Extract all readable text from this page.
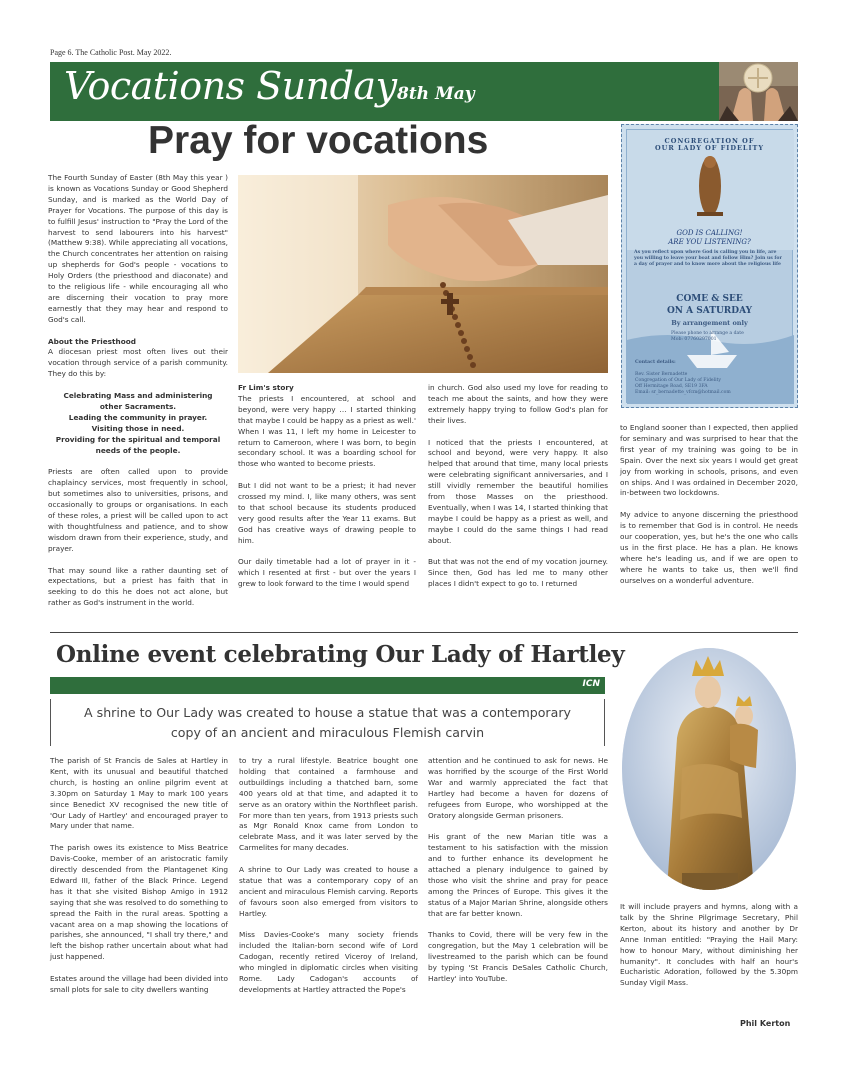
Page 6. The Catholic Post. May 2022.
Vocations Sunday 8th May
Pray for vocations

The Fourth Sunday of Easter (8th May this year ) is known as Vocations Sunday or Good Shepherd Sunday, and is marked as the World Day of Prayer for Vocations. The purpose of this day is to fulfill Jesus' instruction to "Pray the Lord of the harvest to send labourers into his harvest" (Matthew 9:38). While appreciating all vocations, the Church concentrates her attention on raising up shepherds for God's people - vocations to Holy Orders (the priesthood and diaconate) and to the religious life - while encouraging all who are discerning their vocation to pray more earnestly that they may hear and respond to God's call.

About the Priesthood

A diocesan priest most often lives out their vocation through service of a parish community. They do this by:

Celebrating Mass and administering other Sacraments.
Leading the community in prayer.
Visiting those in need.
Providing for the spiritual and temporal needs of the people.

Priests are often called upon to provide chaplaincy services, most frequently in school, but sometimes also to universities, prisons, and occasionally to groups or organisations. In each of these roles, a priest will be called upon to act with thoughtfulness and patience, and to show wisdom drawn from their experience, study, and prayer.

That may sound like a rather daunting set of expectations, but a priest has faith that in seeking to do this he does not act alone, but rather as God's instrument in the world.

Fr Lim's story

The priests I encountered, at school and beyond, were very happy … I started thinking that maybe I could be happy as a priest as well.' When I was 11, I left my home in Leicester to return to Cameroon, where I was born, to begin secondary school. It was a boarding school for those who wanted to become priests.

But I did not want to be a priest; it had never crossed my mind. I, like many others, was sent to that school because its students produced very good results after the Year 11 exams. But God has creative ways of drawing people to him.

Our daily timetable had a lot of prayer in it - which I resented at first - but over the years I grew to look forward to the time I would spend

in church. God also used my love for reading to teach me about the saints, and how they were extremely happy trying to follow God's plan for their lives.

I noticed that the priests I encountered, at school and beyond, were very happy. It also helped that around that time, many local priests were celebrating significant anniversaries, and I still vividly remember the beautiful homilies from those Masses on the priesthood. Eventually, when I was 14, I started thinking that maybe I could be happy as a priest as well, and maybe I could do the same things I had read about.

But that was not the end of my vocation journey. Since then, God has led me to many other places I didn't expect to go to. I returned

CONGREGATION OF
OUR LADY OF FIDELITY
GOD IS CALLING!
ARE YOU LISTENING?
As you reflect upon where God is calling you in life, are you willing to leave your boat and follow Him? Join us for a day of prayer and to know more about the religious life
COME & SEE
ON A SATURDAY
By arrangement only
Please phone to arrange a date
Mob: 07760297001
Contact details:
Rev. Sister Bernadette
Congregation of Our Lady of Fidelity
Off Hermitage Road, SE19 3FA
Email: sr_bernadette_vfcm@hotmail.com

to England sooner than I expected, then applied for seminary and was surprised to hear that the first year of my training was going to be in Spain. Over the next six years I would get great joy from working in schools, prisons, and even on ships. And I was ordained in December 2020, in-between two lockdowns.

My advice to anyone discerning the priesthood is to remember that God is in control. He needs our cooperation, yes, but he's the one who calls us in the first place. He has a plan. He knows where he's leading us, and if we are open to where he wants to take us, then we'll find ourselves on a wonderful adventure.

Online event celebrating Our Lady of Hartley
ICN
A shrine to Our Lady was created to house a statue that was a contemporary copy of an ancient and miraculous Flemish carvin

The parish of St Francis de Sales at Hartley in Kent, with its unusual and beautiful thatched church, is hosting an online pilgrim event at 3.30pm on Saturday 1 May to mark 100 years since Benedict XV recognised the new title of 'Our Lady of Hartley' and encouraged prayer to Mary under that name.

The parish owes its existence to Miss Beatrice Davis-Cooke, member of an aristocratic family directly descended from the Plantagenet King Edward III, father of the Black Prince. Legend has it that she visited Bishop Amigo in 1912 saying that she was resolved to do something to spread the Faith in the rural areas. Spotting a vacant area on a map showing the locations of parishes, she announced, "I shall try there," and left the bishop rather uncertain about what had just happened.

Estates around the village had been divided into small plots for sale to city dwellers wanting

to try a rural lifestyle. Beatrice bought one holding that contained a farmhouse and outbuildings including a thatched barn, some 400 years old at that time, and adapted it to serve as an oratory within the Northfleet parish. For more than ten years, from 1913 priests such as Mgr Ronald Knox came from London to celebrate Mass, and it was later served by the Carmelites for many decades.

A shrine to Our Lady was created to house a statue that was a contemporary copy of an ancient and miraculous Flemish carving. Reports of favours soon also emerged from visitors to Hartley.

Miss Davies-Cooke's many society friends included the Italian-born second wife of Lord Cadogan, recently retired Viceroy of Ireland, who mingled in diplomatic circles when visiting Rome. Lady Cadogan's accounts of developments at Hartley attracted the Pope's

attention and he continued to ask for news. He was horrified by the scourge of the First World War and warmly appreciated the fact that Hartley had become a haven for dozens of refugees from Europe, who worshipped at the Oratory alongside German prisoners.

His grant of the new Marian title was a testament to his satisfaction with the mission and to further enhance its development he attached a plenary indulgence to gained by those who visit the shrine and pray for peace among the Princes of Europe. This gives it the status of a Major Marian Shrine, alongside others that are far better known.

Thanks to Covid, there will be very few in the congregation, but the May 1 celebration will be livestreamed to the parish which can be found by typing 'St Francis DeSales Catholic Church, Hartley' into YouTube.

It will include prayers and hymns, along with a talk by the Shrine Pilgrimage Secretary, Phil Kerton, about its history and another by Dr Anne Inman entitled: "Praying the Hail Mary: how to honour Mary, without diminishing her humanity". It concludes with half an hour's Eucharistic Adoration, followed by the 5.30pm Sunday Vigil Mass.

Phil Kerton
